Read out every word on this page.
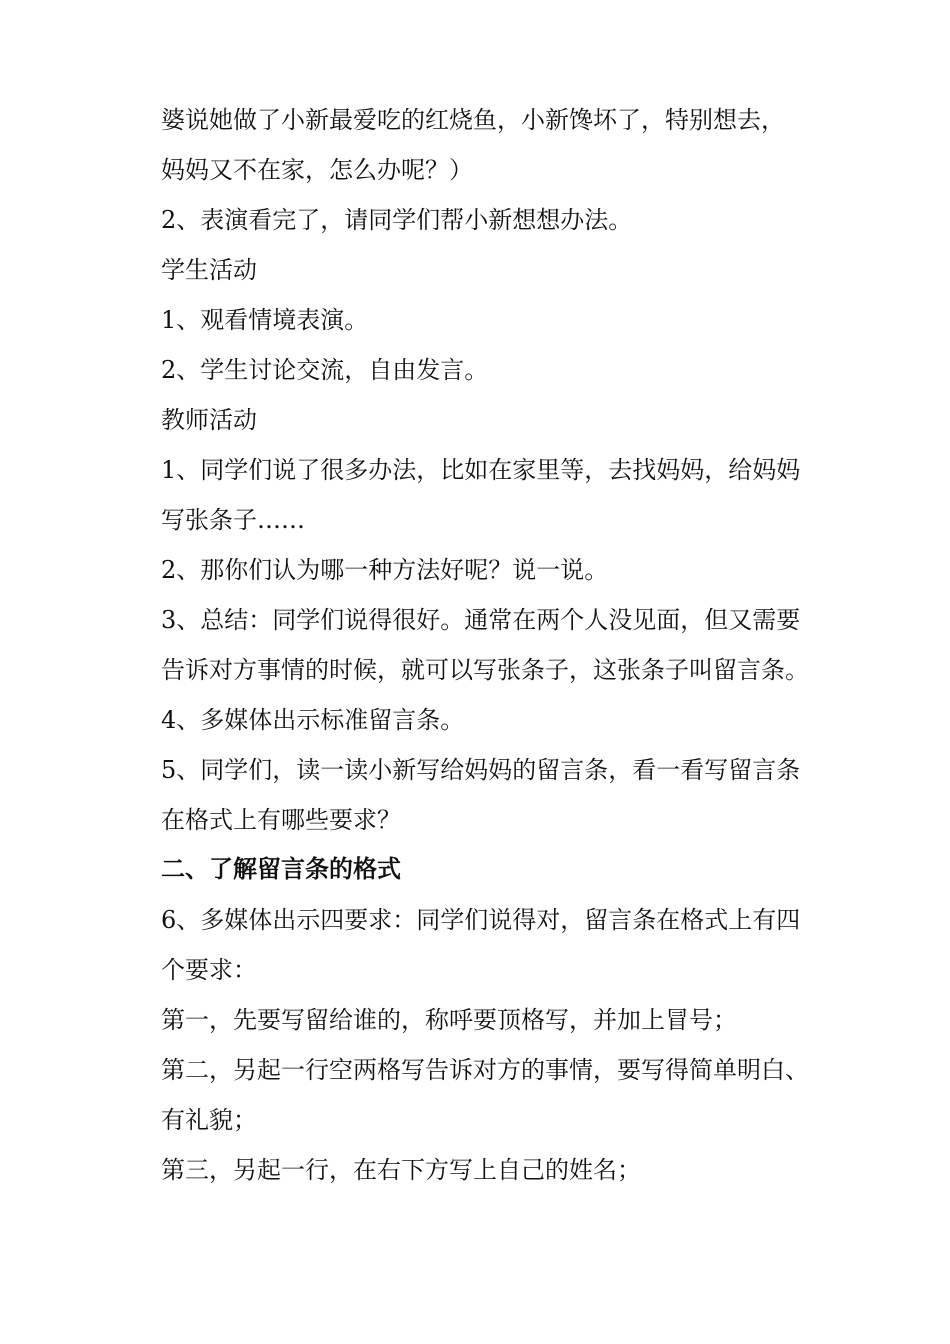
婆说她做了小新最爱吃的红烧鱼，小新馋坏了，特别想去，
妈妈又不在家，怎么办呢？）
2、表演看完了，请同学们帮小新想想办法。
学生活动
1、观看情境表演。
2、学生讨论交流，自由发言。
教师活动
1、同学们说了很多办法，比如在家里等，去找妈妈，给妈妈
写张条子……
2、那你们认为哪一种方法好呢？说一说。
3、总结：同学们说得很好。通常在两个人没见面，但又需要
告诉对方事情的时候，就可以写张条子，这张条子叫留言条。
4、多媒体出示标准留言条。
5、同学们，读一读小新写给妈妈的留言条，看一看写留言条
在格式上有哪些要求？
二、了解留言条的格式
6、多媒体出示四要求：同学们说得对，留言条在格式上有四
个要求：
第一，先要写留给谁的，称呼要顶格写，并加上冒号；
第二，另起一行空两格写告诉对方的事情，要写得简单明白、
有礼貌；
第三，另起一行，在右下方写上自己的姓名；
